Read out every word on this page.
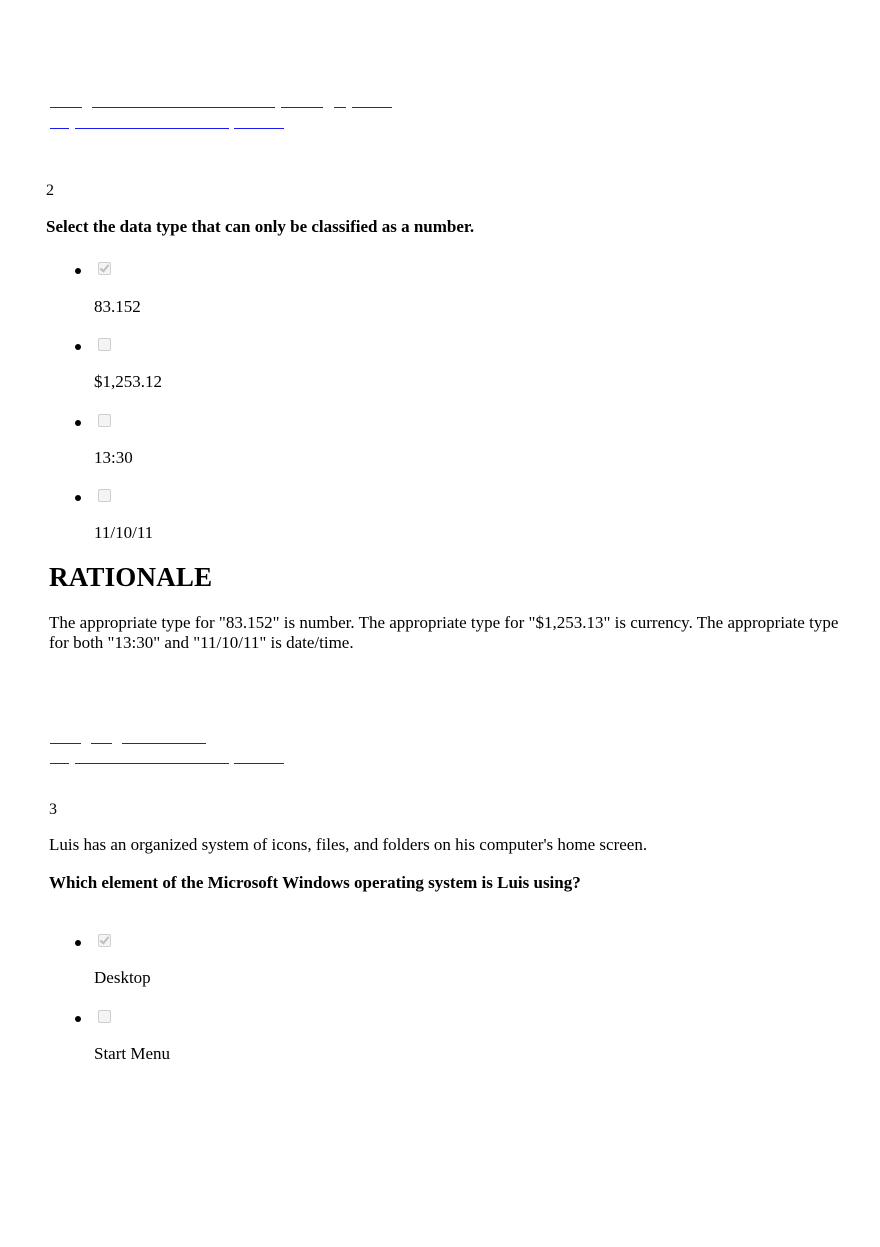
2
Select the data type that can only be classified as a number.
83.152
$1,253.12
13:30
11/10/11
RATIONALE
The appropriate type for "83.152" is number. The appropriate type for "$1,253.13" is currency. The appropriate type for both "13:30" and "11/10/11" is date/time.
3
Luis has an organized system of icons, files, and folders on his computer's home screen.
Which element of the Microsoft Windows operating system is Luis using?
Desktop
Start Menu
